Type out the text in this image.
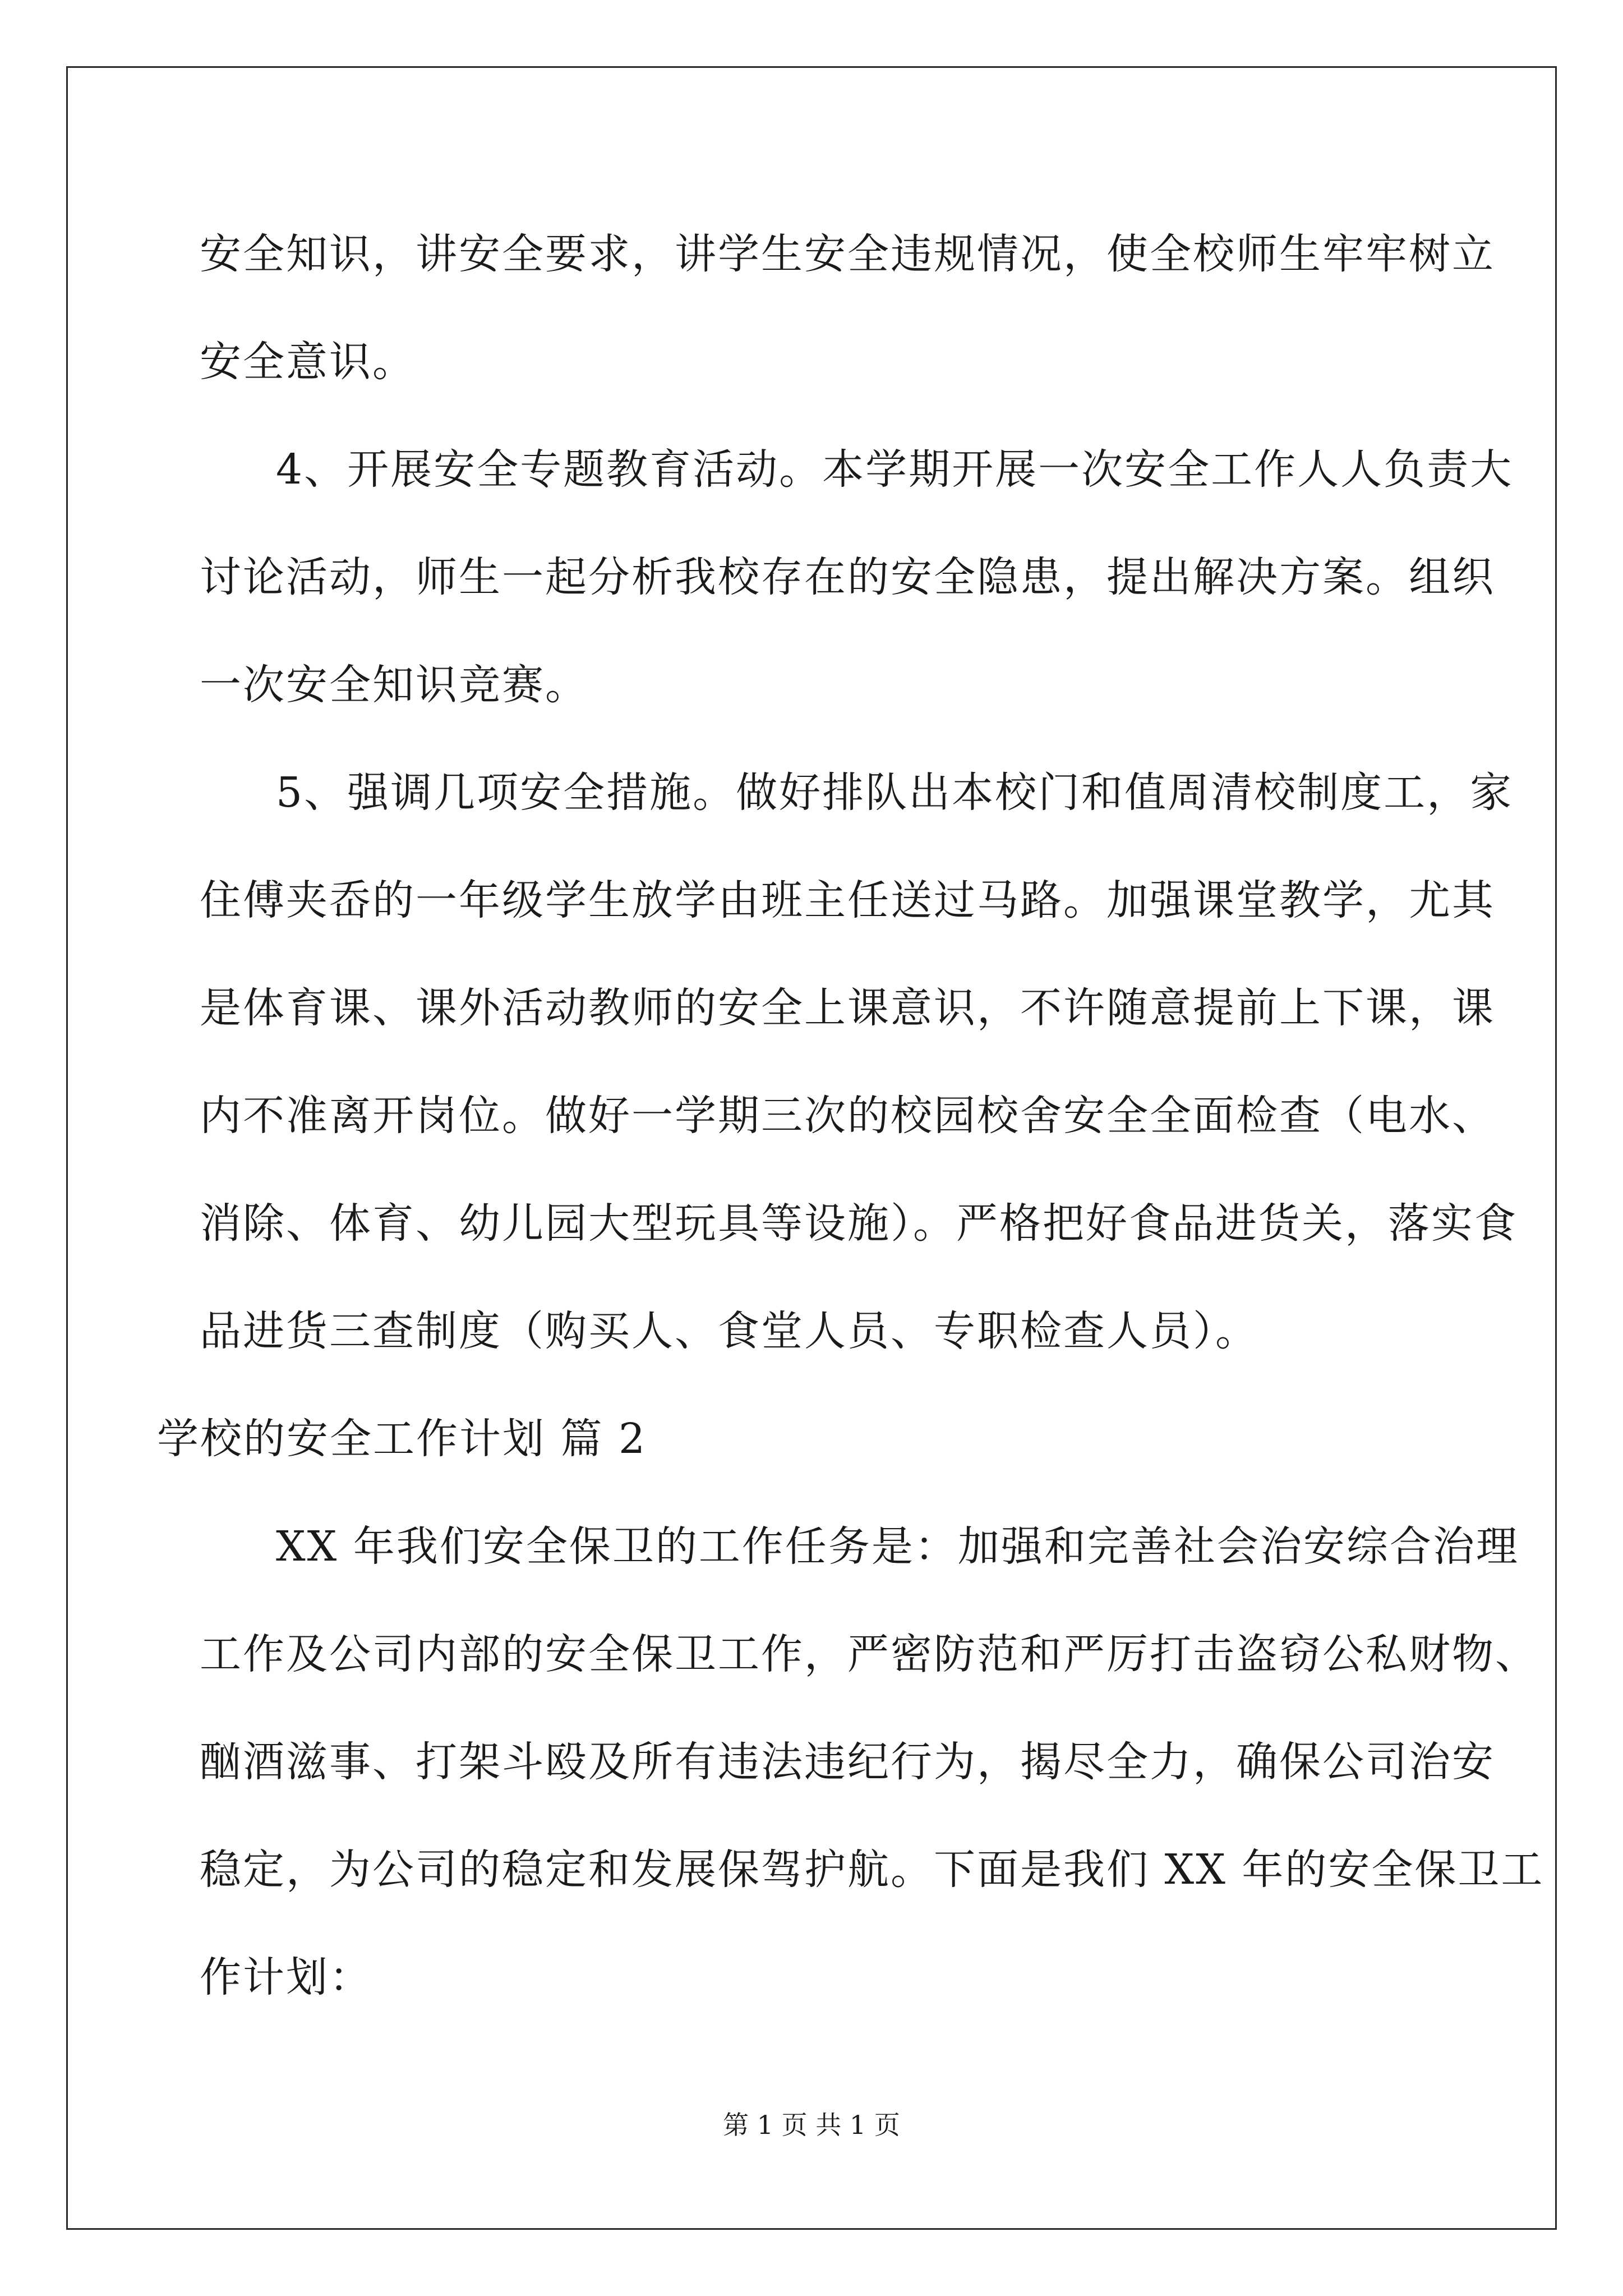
安全知识，讲安全要求，讲学生安全违规情况，使全校师生牢牢树立
安全意识。
4、开展安全专题教育活动。本学期开展一次安全工作人人负责大
讨论活动，师生一起分析我校存在的安全隐患，提出解决方案。组织
一次安全知识竞赛。
5、强调几项安全措施。做好排队出本校门和值周清校制度工，家
住傅夹岙的一年级学生放学由班主任送过马路。加强课堂教学，尤其
是体育课、课外活动教师的安全上课意识，不许随意提前上下课，课
内不准离开岗位。做好一学期三次的校园校舍安全全面检查（电水、
消除、体育、幼儿园大型玩具等设施）。严格把好食品进货关，落实食
品进货三查制度（购买人、食堂人员、专职检查人员）。
学校的安全工作计划 篇 2
XX 年我们安全保卫的工作任务是：加强和完善社会治安综合治理
工作及公司内部的安全保卫工作，严密防范和严厉打击盗窃公私财物、
酗酒滋事、打架斗殴及所有违法违纪行为，揭尽全力，确保公司治安
稳定，为公司的稳定和发展保驾护航。下面是我们 XX 年的安全保卫工
作计划：
第 1 页 共 1 页
